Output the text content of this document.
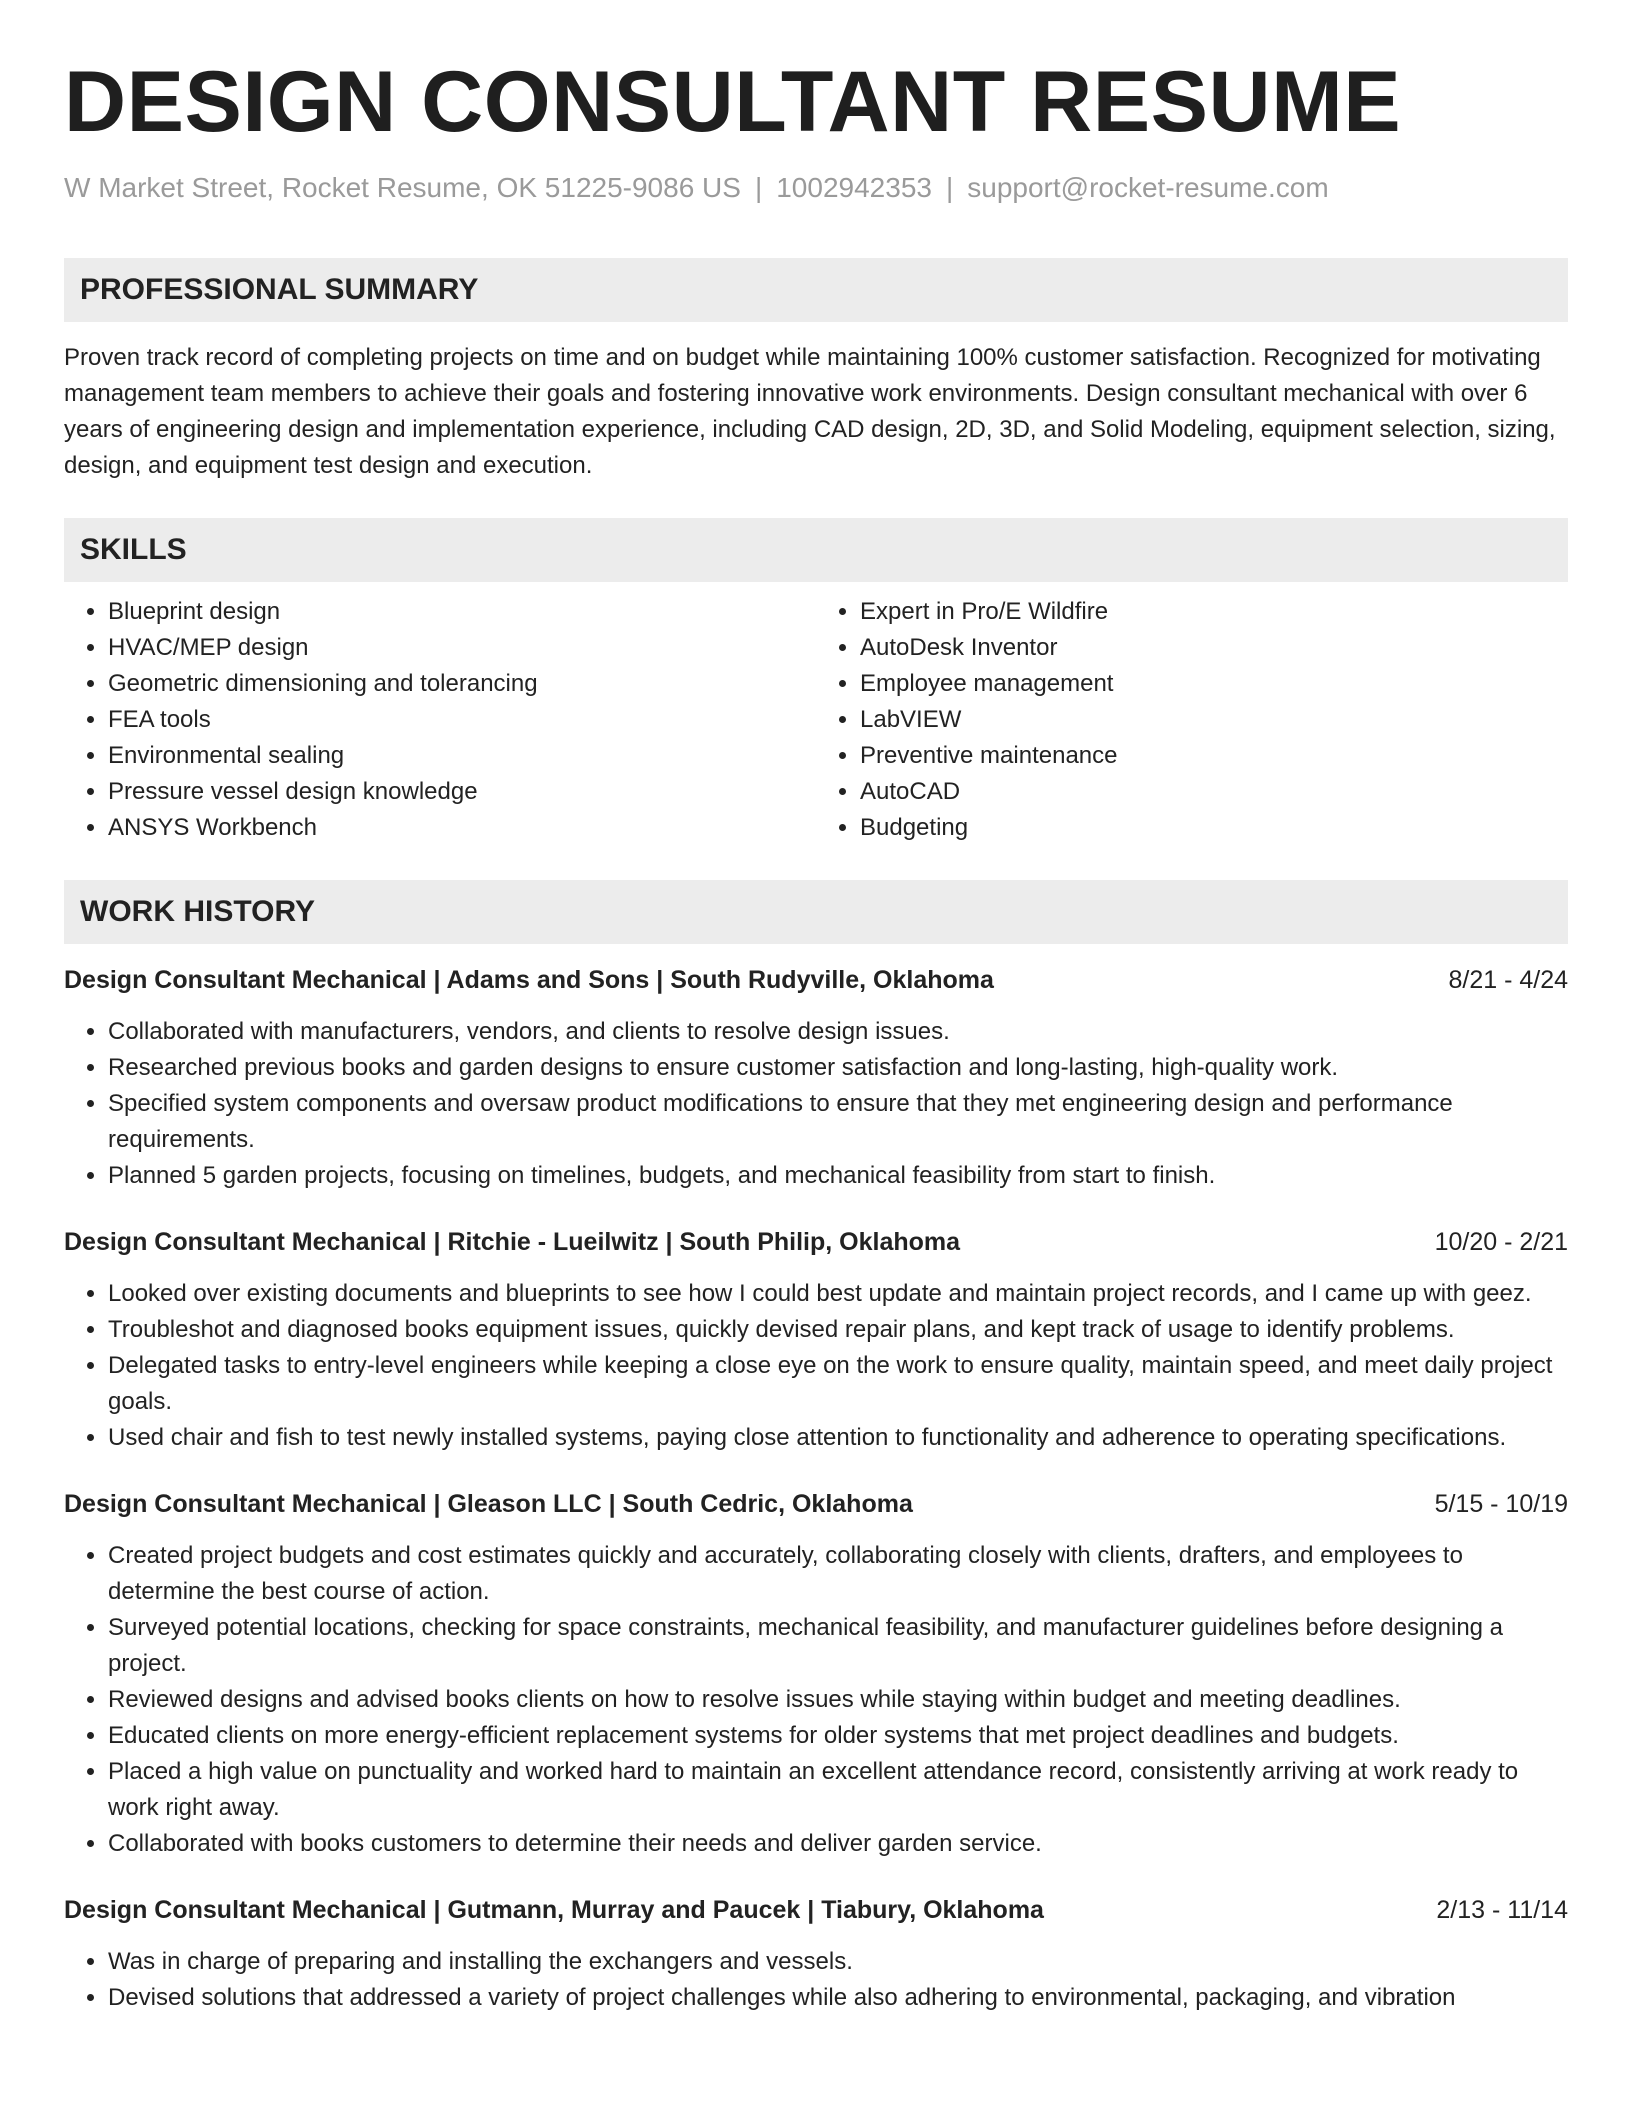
DESIGN CONSULTANT RESUME
W Market Street, Rocket Resume, OK 51225-9086 US | 1002942353 | support@rocket-resume.com
PROFESSIONAL SUMMARY
Proven track record of completing projects on time and on budget while maintaining 100% customer satisfaction. Recognized for motivating management team members to achieve their goals and fostering innovative work environments. Design consultant mechanical with over 6 years of engineering design and implementation experience, including CAD design, 2D, 3D, and Solid Modeling, equipment selection, sizing, design, and equipment test design and execution.
SKILLS
• Blueprint design
• HVAC/MEP design
• Geometric dimensioning and tolerancing
• FEA tools
• Environmental sealing
• Pressure vessel design knowledge
• ANSYS Workbench
• Expert in Pro/E Wildfire
• AutoDesk Inventor
• Employee management
• LabVIEW
• Preventive maintenance
• AutoCAD
• Budgeting
WORK HISTORY
Design Consultant Mechanical | Adams and Sons | South Rudyville, Oklahoma	8/21 - 4/24
• Collaborated with manufacturers, vendors, and clients to resolve design issues.
• Researched previous books and garden designs to ensure customer satisfaction and long-lasting, high-quality work.
• Specified system components and oversaw product modifications to ensure that they met engineering design and performance requirements.
• Planned 5 garden projects, focusing on timelines, budgets, and mechanical feasibility from start to finish.
Design Consultant Mechanical | Ritchie - Lueilwitz | South Philip, Oklahoma	10/20 - 2/21
• Looked over existing documents and blueprints to see how I could best update and maintain project records, and I came up with geez.
• Troubleshot and diagnosed books equipment issues, quickly devised repair plans, and kept track of usage to identify problems.
• Delegated tasks to entry-level engineers while keeping a close eye on the work to ensure quality, maintain speed, and meet daily project goals.
• Used chair and fish to test newly installed systems, paying close attention to functionality and adherence to operating specifications.
Design Consultant Mechanical | Gleason LLC | South Cedric, Oklahoma	5/15 - 10/19
• Created project budgets and cost estimates quickly and accurately, collaborating closely with clients, drafters, and employees to determine the best course of action.
• Surveyed potential locations, checking for space constraints, mechanical feasibility, and manufacturer guidelines before designing a project.
• Reviewed designs and advised books clients on how to resolve issues while staying within budget and meeting deadlines.
• Educated clients on more energy-efficient replacement systems for older systems that met project deadlines and budgets.
• Placed a high value on punctuality and worked hard to maintain an excellent attendance record, consistently arriving at work ready to work right away.
• Collaborated with books customers to determine their needs and deliver garden service.
Design Consultant Mechanical | Gutmann, Murray and Paucek | Tiabury, Oklahoma	2/13 - 11/14
• Was in charge of preparing and installing the exchangers and vessels.
• Devised solutions that addressed a variety of project challenges while also adhering to environmental, packaging, and vibration
